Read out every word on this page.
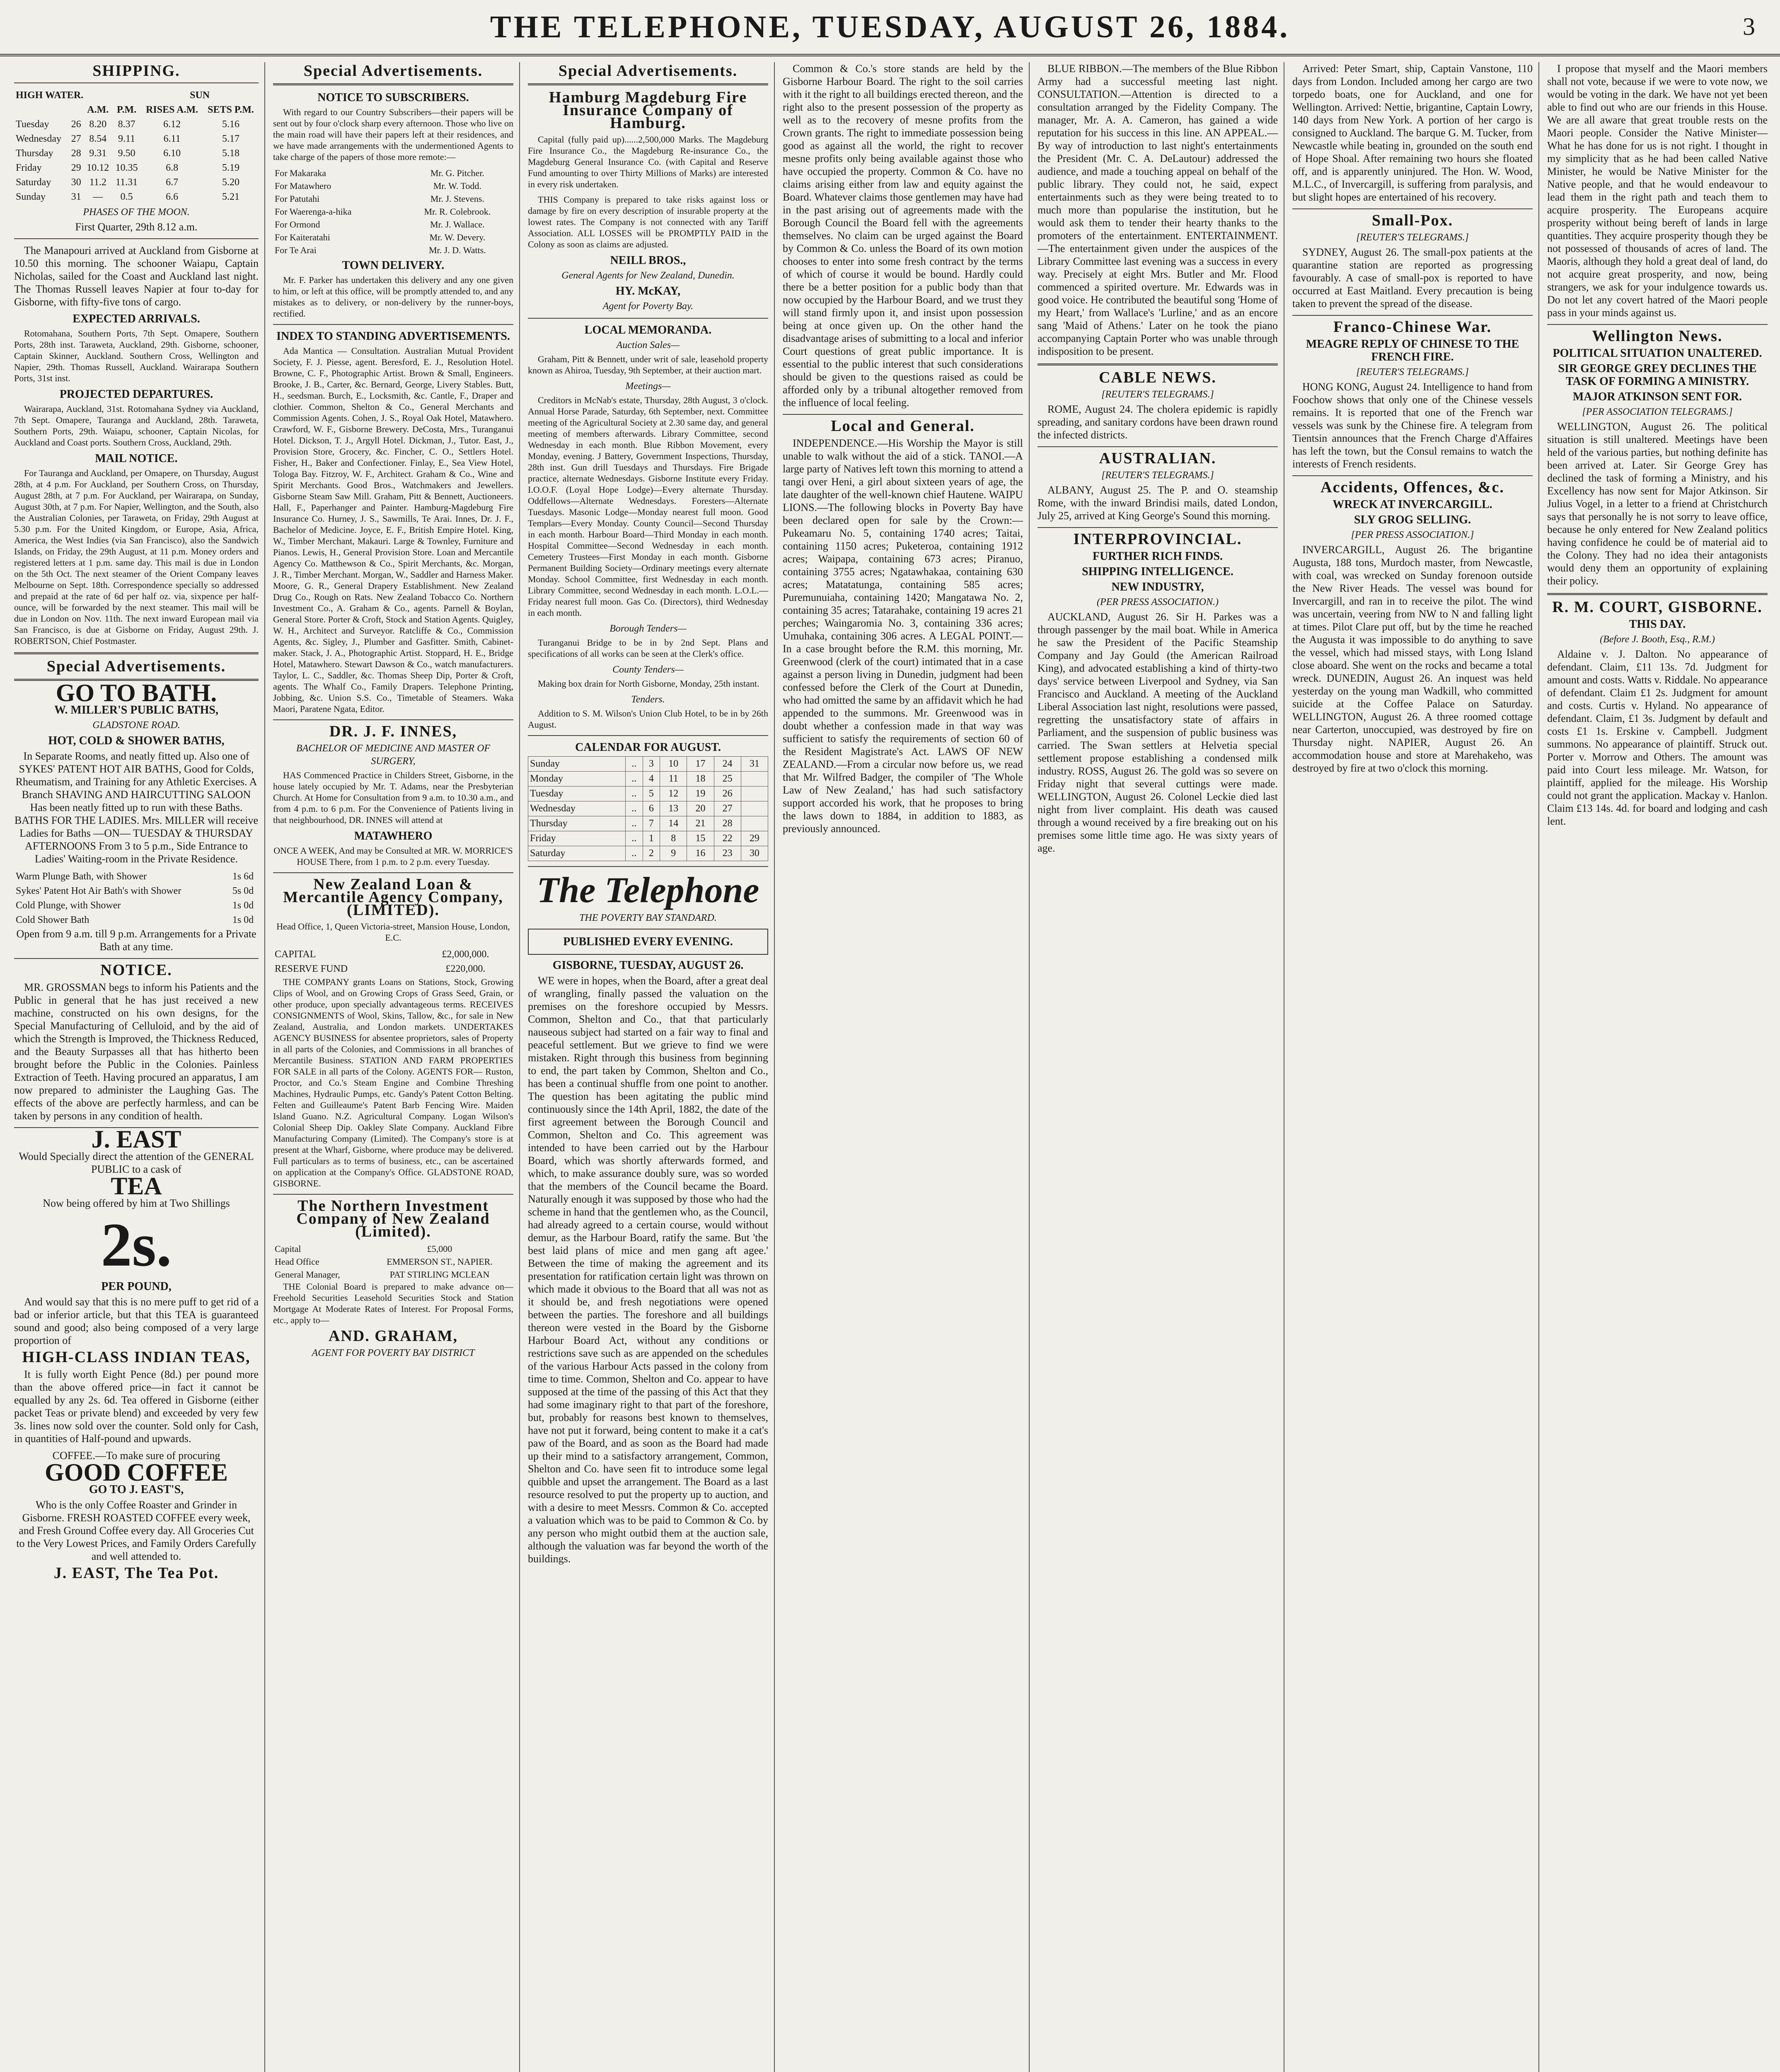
THE TELEPHONE, TUESDAY, AUGUST 26, 1884.	3
SHIPPING.
HIGH WATER.				SUN	
		A.M.	P.M.	RISES A.M.	SETS P.M.
Tuesday	26	8.20	8.37	6.12	5.16
Wednesday	27	8.54	9.11	6.11	5.17
Thursday	28	9.31	9.50	6.10	5.18
Friday	29	10.12	10.35	6.8	5.19
Saturday	30	11.2	11.31	6.7	5.20
Sunday	31	—	0.5	6.6	5.21
PHASES OF THE MOON.

First Quarter, 29th 8.12 a.m.

The Manapouri arrived at Auckland from Gisborne at 10.50 this morning. The schooner Waiapu, Captain Nicholas, sailed for the Coast and Auckland last night. The Thomas Russell leaves Napier at four to-day for Gisborne, with fifty-five tons of cargo.

EXPECTED ARRIVALS.

Rotomahana, Southern Ports, 7th Sept. Omapere, Southern Ports, 28th inst. Taraweta, Auckland, 29th. Gisborne, schooner, Captain Skinner, Auckland. Southern Cross, Wellington and Napier, 29th. Thomas Russell, Auckland. Wairarapa Southern Ports, 31st inst.

PROJECTED DEPARTURES.

Wairarapa, Auckland, 31st. Rotomahana Sydney via Auckland, 7th Sept. Omapere, Tauranga and Auckland, 28th. Taraweta, Southern Ports, 29th. Waiapu, schooner, Captain Nicolas, for Auckland and Coast ports. Southern Cross, Auckland, 29th.

MAIL NOTICE.

For Tauranga and Auckland, per Omapere, on Thursday, August 28th, at 4 p.m. For Auckland, per Southern Cross, on Thursday, August 28th, at 7 p.m. For Auckland, per Wairarapa, on Sunday, August 30th, at 7 p.m. For Napier, Wellington, and the South, also the Australian Colonies, per Taraweta, on Friday, 29th August at 5.30 p.m. For the United Kingdom, or Europe, Asia, Africa, America, the West Indies (via San Francisco), also the Sandwich Islands, on Friday, the 29th August, at 11 p.m. Money orders and registered letters at 1 p.m. same day. This mail is due in London on the 5th Oct. The next steamer of the Orient Company leaves Melbourne on Sept. 18th. Correspondence specially so addressed and prepaid at the rate of 6d per half oz. via, sixpence per half-ounce, will be forwarded by the next steamer. This mail will be due in London on Nov. 11th. The next inward European mail via San Francisco, is due at Gisborne on Friday, August 29th. J. ROBERTSON, Chief Postmaster.

Special Advertisements.
GO TO BATH.
W. MILLER'S PUBLIC BATHS,
GLADSTONE ROAD.
HOT, COLD & SHOWER BATHS,

In Separate Rooms, and neatly fitted up. Also one of SYKES' PATENT HOT AIR BATHS, Good for Colds, Rheumatism, and Training for any Athletic Exercises. A Branch SHAVING AND HAIRCUTTING SALOON Has been neatly fitted up to run with these Baths. BATHS FOR THE LADIES. Mrs. MILLER will receive Ladies for Baths —ON— TUESDAY & THURSDAY AFTERNOONS From 3 to 5 p.m., Side Entrance to Ladies' Waiting-room in the Private Residence.

Warm Plunge Bath, with Shower	1s 6d
Sykes' Patent Hot Air Bath's with Shower	5s 0d
Cold Plunge, with Shower	1s 0d
Cold Shower Bath	1s 0d

Open from 9 a.m. till 9 p.m. Arrangements for a Private Bath at any time.

NOTICE.

MR. GROSSMAN begs to inform his Patients and the Public in general that he has just received a new machine, constructed on his own designs, for the Special Manufacturing of Celluloid, and by the aid of which the Strength is Improved, the Thickness Reduced, and the Beauty Surpasses all that has hitherto been brought before the Public in the Colonies. Painless Extraction of Teeth. Having procured an apparatus, I am now prepared to administer the Laughing Gas. The effects of the above are perfectly harmless, and can be taken by persons in any condition of health.

J. EAST

Would Specially direct the attention of the GENERAL PUBLIC to a cask of

TEA

Now being offered by him at Two Shillings

2s.
PER POUND,

And would say that this is no mere puff to get rid of a bad or inferior article, but that this TEA is guaranteed sound and good; also being composed of a very large proportion of

HIGH-CLASS INDIAN TEAS,

It is fully worth Eight Pence (8d.) per pound more than the above offered price—in fact it cannot be equalled by any 2s. 6d. Tea offered in Gisborne (either packet Teas or private blend) and exceeded by very few 3s. lines now sold over the counter. Sold only for Cash, in quantities of Half-pound and upwards.

COFFEE.—To make sure of procuring

GOOD COFFEE
GO TO J. EAST'S,

Who is the only Coffee Roaster and Grinder in Gisborne. FRESH ROASTED COFFEE every week, and Fresh Ground Coffee every day. All Groceries Cut to the Very Lowest Prices, and Family Orders Carefully and well attended to.

J. EAST, The Tea Pot.
Special Advertisements.
NOTICE TO SUBSCRIBERS.

With regard to our Country Subscribers—their papers will be sent out by four o'clock sharp every afternoon. Those who live on the main road will have their papers left at their residences, and we have made arrangements with the undermentioned Agents to take charge of the papers of those more remote:—

For Makaraka	Mr. G. Pitcher.
For Matawhero	Mr. W. Todd.
For Patutahi	Mr. J. Stevens.
For Waerenga-a-hika	Mr. R. Colebrook.
For Ormond	Mr. J. Wallace.
For Kaiteratahi	Mr. W. Devery.
For Te Arai	Mr. J. D. Watts.
TOWN DELIVERY.

Mr. F. Parker has undertaken this delivery and any one given to him, or left at this office, will be promptly attended to, and any mistakes as to delivery, or non-delivery by the runner-boys, rectified.

INDEX TO STANDING ADVERTISEMENTS.

Ada Mantica — Consultation. Australian Mutual Provident Society, F. J. Piesse, agent. Beresford, E. J., Resolution Hotel. Browne, C. F., Photographic Artist. Brown & Small, Engineers. Brooke, J. B., Carter, &c. Bernard, George, Livery Stables. Butt, H., seedsman. Burch, E., Locksmith, &c. Cantle, F., Draper and clothier. Common, Shelton & Co., General Merchants and Commission Agents. Cohen, J. S., Royal Oak Hotel, Matawhero. Crawford, W. F., Gisborne Brewery. DeCosta, Mrs., Turanganui Hotel. Dickson, T. J., Argyll Hotel. Dickman, J., Tutor. East, J., Provision Store, Grocery, &c. Fincher, C. O., Settlers Hotel. Fisher, H., Baker and Confectioner. Finlay, E., Sea View Hotel, Tologa Bay. Fitzroy, W. F., Architect. Graham & Co., Wine and Spirit Merchants. Good Bros., Watchmakers and Jewellers. Gisborne Steam Saw Mill. Graham, Pitt & Bennett, Auctioneers. Hall, F., Paperhanger and Painter. Hamburg-Magdeburg Fire Insurance Co. Hurney, J. S., Sawmills, Te Arai. Innes, Dr. J. F., Bachelor of Medicine. Joyce, E. F., British Empire Hotel. King, W., Timber Merchant, Makauri. Large & Townley, Furniture and Pianos. Lewis, H., General Provision Store. Loan and Mercantile Agency Co. Matthewson & Co., Spirit Merchants, &c. Morgan, J. R., Timber Merchant. Morgan, W., Saddler and Harness Maker. Moore, G. R., General Drapery Establishment. New Zealand Drug Co., Rough on Rats. New Zealand Tobacco Co. Northern Investment Co., A. Graham & Co., agents. Parnell & Boylan, General Store. Porter & Croft, Stock and Station Agents. Quigley, W. H., Architect and Surveyor. Ratcliffe & Co., Commission Agents, &c. Sigley, J., Plumber and Gasfitter. Smith, Cabinet-maker. Stack, J. A., Photographic Artist. Stoppard, H. E., Bridge Hotel, Matawhero. Stewart Dawson & Co., watch manufacturers. Taylor, L. C., Saddler, &c. Thomas Sheep Dip, Porter & Croft, agents. The Whalf Co., Family Drapers. Telephone Printing, Jobbing, &c. Union S.S. Co., Timetable of Steamers. Waka Maori, Paratene Ngata, Editor.

DR. J. F. INNES,
BACHELOR OF MEDICINE AND MASTER OF SURGERY,

HAS Commenced Practice in Childers Street, Gisborne, in the house lately occupied by Mr. T. Adams, near the Presbyterian Church. At Home for Consultation from 9 a.m. to 10.30 a.m., and from 4 p.m. to 6 p.m. For the Convenience of Patients living in that neighbourhood, DR. INNES will attend at

MATAWHERO

ONCE A WEEK, And may be Consulted at MR. W. MORRICE'S HOUSE There, from 1 p.m. to 2 p.m. every Tuesday.

New Zealand Loan & Mercantile Agency Company, (LIMITED).

Head Office, 1, Queen Victoria-street, Mansion House, London, E.C.

CAPITAL	£2,000,000.
RESERVE FUND	£220,000.

THE COMPANY grants Loans on Stations, Stock, Growing Clips of Wool, and on Growing Crops of Grass Seed, Grain, or other produce, upon specially advantageous terms. RECEIVES CONSIGNMENTS of Wool, Skins, Tallow, &c., for sale in New Zealand, Australia, and London markets. UNDERTAKES AGENCY BUSINESS for absentee proprietors, sales of Property in all parts of the Colonies, and Commissions in all branches of Mercantile Business. STATION AND FARM PROPERTIES FOR SALE in all parts of the Colony. AGENTS FOR— Ruston, Proctor, and Co.'s Steam Engine and Combine Threshing Machines, Hydraulic Pumps, etc. Gandy's Patent Cotton Belting. Felten and Guilleaume's Patent Barb Fencing Wire. Maiden Island Guano. N.Z. Agricultural Company. Logan Wilson's Colonial Sheep Dip. Oakley Slate Company. Auckland Fibre Manufacturing Company (Limited). The Company's store is at present at the Wharf, Gisborne, where produce may be delivered. Full particulars as to terms of business, etc., can be ascertained on application at the Company's Office. GLADSTONE ROAD, GISBORNE.

The Northern Investment Company of New Zealand (Limited).
Capital	£5,000
Head Office	EMMERSON ST., NAPIER.
General Manager,	PAT STIRLING MCLEAN

THE Colonial Board is prepared to make advance on— Freehold Securities Leasehold Securities Stock and Station Mortgage At Moderate Rates of Interest. For Proposal Forms, etc., apply to—

AND. GRAHAM,
AGENT FOR POVERTY BAY DISTRICT
Special Advertisements.
Hamburg Magdeburg Fire Insurance Company of Hamburg.

Capital (fully paid up)......2,500,000 Marks. The Magdeburg Fire Insurance Co., the Magdeburg Re-insurance Co., the Magdeburg General Insurance Co. (with Capital and Reserve Fund amounting to over Thirty Millions of Marks) are interested in every risk undertaken.

THIS Company is prepared to take risks against loss or damage by fire on every description of insurable property at the lowest rates. The Company is not connected with any Tariff Association. ALL LOSSES will be PROMPTLY PAID in the Colony as soon as claims are adjusted.

NEILL BROS.,
General Agents for New Zealand, Dunedin.
HY. McKAY,
Agent for Poverty Bay.
LOCAL MEMORANDA.
Auction Sales—

Graham, Pitt & Bennett, under writ of sale, leasehold property known as Ahiroa, Tuesday, 9th September, at their auction mart.

Meetings—

Creditors in McNab's estate, Thursday, 28th August, 3 o'clock. Annual Horse Parade, Saturday, 6th September, next. Committee meeting of the Agricultural Society at 2.30 same day, and general meeting of members afterwards. Library Committee, second Wednesday in each month. Blue Ribbon Movement, every Monday, evening. J Battery, Government Inspections, Thursday, 28th inst. Gun drill Tuesdays and Thursdays. Fire Brigade practice, alternate Wednesdays. Gisborne Institute every Friday. I.O.O.F. (Loyal Hope Lodge)—Every alternate Thursday. Oddfellows—Alternate Wednesdays. Foresters—Alternate Tuesdays. Masonic Lodge—Monday nearest full moon. Good Templars—Every Monday. County Council—Second Thursday in each month. Harbour Board—Third Monday in each month. Hospital Committee—Second Wednesday in each month. Cemetery Trustees—First Monday in each month. Gisborne Permanent Building Society—Ordinary meetings every alternate Monday. School Committee, first Wednesday in each month. Library Committee, second Wednesday in each month. L.O.L.—Friday nearest full moon. Gas Co. (Directors), third Wednesday in each month.

Borough Tenders—

Turanganui Bridge to be in by 2nd Sept. Plans and specifications of all works can be seen at the Clerk's office.

County Tenders—

Making box drain for North Gisborne, Monday, 25th instant.

Tenders.

Addition to S. M. Wilson's Union Club Hotel, to be in by 26th August.

CALENDAR FOR AUGUST.
Sunday	..	3	10	17	24	31
Monday	..	4	11	18	25	
Tuesday	..	5	12	19	26	
Wednesday	..	6	13	20	27	
Thursday	..	7	14	21	28	
Friday	..	1	8	15	22	29
Saturday	..	2	9	16	23	30
The Telephone
THE POVERTY BAY STANDARD.
PUBLISHED EVERY EVENING.
GISBORNE, TUESDAY, AUGUST 26.

WE were in hopes, when the Board, after a great deal of wrangling, finally passed the valuation on the premises on the foreshore occupied by Messrs. Common, Shelton and Co., that that particularly nauseous subject had started on a fair way to final and peaceful settlement. But we grieve to find we were mistaken. Right through this business from beginning to end, the part taken by Common, Shelton and Co., has been a continual shuffle from one point to another. The question has been agitating the public mind continuously since the 14th April, 1882, the date of the first agreement between the Borough Council and Common, Shelton and Co. This agreement was intended to have been carried out by the Harbour Board, which was shortly afterwards formed, and which, to make assurance doubly sure, was so worded that the members of the Council became the Board. Naturally enough it was supposed by those who had the scheme in hand that the gentlemen who, as the Council, had already agreed to a certain course, would without demur, as the Harbour Board, ratify the same. But 'the best laid plans of mice and men gang aft agee.' Between the time of making the agreement and its presentation for ratification certain light was thrown on which made it obvious to the Board that all was not as it should be, and fresh negotiations were opened between the parties. The foreshore and all buildings thereon were vested in the Board by the Gisborne Harbour Board Act, without any conditions or restrictions save such as are appended on the schedules of the various Harbour Acts passed in the colony from time to time. Common, Shelton and Co. appear to have supposed at the time of the passing of this Act that they had some imaginary right to that part of the foreshore, but, probably for reasons best known to themselves, have not put it forward, being content to make it a cat's paw of the Board, and as soon as the Board had made up their mind to a satisfactory arrangement, Common, Shelton and Co. have seen fit to introduce some legal quibble and upset the arrangement. The Board as a last resource resolved to put the property up to auction, and with a desire to meet Messrs. Common & Co. accepted a valuation which was to be paid to Common & Co. by any person who might outbid them at the auction sale, although the valuation was far beyond the worth of the buildings.

Common & Co.'s store stands are held by the Gisborne Harbour Board. The right to the soil carries with it the right to all buildings erected thereon, and the right also to the present possession of the property as well as to the recovery of mesne profits from the Crown grants. The right to immediate possession being good as against all the world, the right to recover mesne profits only being available against those who have occupied the property. Common & Co. have no claims arising either from law and equity against the Board. Whatever claims those gentlemen may have had in the past arising out of agreements made with the Borough Council the Board fell with the agreements themselves. No claim can be urged against the Board by Common & Co. unless the Board of its own motion chooses to enter into some fresh contract by the terms of which of course it would be bound. Hardly could there be a better position for a public body than that now occupied by the Harbour Board, and we trust they will stand firmly upon it, and insist upon possession being at once given up. On the other hand the disadvantage arises of submitting to a local and inferior Court questions of great public importance. It is essential to the public interest that such considerations should be given to the questions raised as could be afforded only by a tribunal altogether removed from the influence of local feeling.

Local and General.

INDEPENDENCE.—His Worship the Mayor is still unable to walk without the aid of a stick. TANOI.—A large party of Natives left town this morning to attend a tangi over Heni, a girl about sixteen years of age, the late daughter of the well-known chief Hautene. WAIPU LIONS.—The following blocks in Poverty Bay have been declared open for sale by the Crown:—Pukeamaru No. 5, containing 1740 acres; Taitai, containing 1150 acres; Puketeroa, containing 1912 acres; Waipapa, containing 673 acres; Piranuo, containing 3755 acres; Ngatawhakaa, containing 630 acres; Matatatunga, containing 585 acres; Puremunuiaha, containing 1420; Mangatawa No. 2, containing 35 acres; Tatarahake, containing 19 acres 21 perches; Waingaromia No. 3, containing 336 acres; Umuhaka, containing 306 acres. A LEGAL POINT.—In a case brought before the R.M. this morning, Mr. Greenwood (clerk of the court) intimated that in a case against a person living in Dunedin, judgment had been confessed before the Clerk of the Court at Dunedin, who had omitted the same by an affidavit which he had appended to the summons. Mr. Greenwood was in doubt whether a confession made in that way was sufficient to satisfy the requirements of section 60 of the Resident Magistrate's Act. LAWS OF NEW ZEALAND.—From a circular now before us, we read that Mr. Wilfred Badger, the compiler of 'The Whole Law of New Zealand,' has had such satisfactory support accorded his work, that he proposes to bring the laws down to 1884, in addition to 1883, as previously announced.

BLUE RIBBON.—The members of the Blue Ribbon Army had a successful meeting last night. CONSULTATION.—Attention is directed to a consultation arranged by the Fidelity Company. The manager, Mr. A. A. Cameron, has gained a wide reputation for his success in this line. AN APPEAL.—By way of introduction to last night's entertainments the President (Mr. C. A. DeLautour) addressed the audience, and made a touching appeal on behalf of the public library. They could not, he said, expect entertainments such as they were being treated to to much more than popularise the institution, but he would ask them to tender their hearty thanks to the promoters of the entertainment. ENTERTAINMENT.—The entertainment given under the auspices of the Library Committee last evening was a success in every way. Precisely at eight Mrs. Butler and Mr. Flood commenced a spirited overture. Mr. Edwards was in good voice. He contributed the beautiful song 'Home of my Heart,' from Wallace's 'Lurline,' and as an encore sang 'Maid of Athens.' Later on he took the piano accompanying Captain Porter who was unable through indisposition to be present.

CABLE NEWS.
[REUTER'S TELEGRAMS.]

ROME, August 24. The cholera epidemic is rapidly spreading, and sanitary cordons have been drawn round the infected districts.

AUSTRALIAN.
[REUTER'S TELEGRAMS.]

ALBANY, August 25. The P. and O. steamship Rome, with the inward Brindisi mails, dated London, July 25, arrived at King George's Sound this morning.

INTERPROVINCIAL.
FURTHER RICH FINDS.
SHIPPING INTELLIGENCE.
NEW INDUSTRY,
(PER PRESS ASSOCIATION.)

AUCKLAND, August 26. Sir H. Parkes was a through passenger by the mail boat. While in America he saw the President of the Pacific Steamship Company and Jay Gould (the American Railroad King), and advocated establishing a kind of thirty-two days' service between Liverpool and Sydney, via San Francisco and Auckland. A meeting of the Auckland Liberal Association last night, resolutions were passed, regretting the unsatisfactory state of affairs in Parliament, and the suspension of public business was carried. The Swan settlers at Helvetia special settlement propose establishing a condensed milk industry. ROSS, August 26. The gold was so severe on Friday night that several cuttings were made. WELLINGTON, August 26. Colonel Leckie died last night from liver complaint. His death was caused through a wound received by a fire breaking out on his premises some little time ago. He was sixty years of age.

Arrived: Peter Smart, ship, Captain Vanstone, 110 days from London. Included among her cargo are two torpedo boats, one for Auckland, and one for Wellington. Arrived: Nettie, brigantine, Captain Lowry, 140 days from New York. A portion of her cargo is consigned to Auckland. The barque G. M. Tucker, from Newcastle while beating in, grounded on the south end of Hope Shoal. After remaining two hours she floated off, and is apparently uninjured. The Hon. W. Wood, M.L.C., of Invercargill, is suffering from paralysis, and but slight hopes are entertained of his recovery.

Small-Pox.
[REUTER'S TELEGRAMS.]

SYDNEY, August 26. The small-pox patients at the quarantine station are reported as progressing favourably. A case of small-pox is reported to have occurred at East Maitland. Every precaution is being taken to prevent the spread of the disease.

Franco-Chinese War.
MEAGRE REPLY OF CHINESE TO THE FRENCH FIRE.
[REUTER'S TELEGRAMS.]

HONG KONG, August 24. Intelligence to hand from Foochow shows that only one of the Chinese vessels remains. It is reported that one of the French war vessels was sunk by the Chinese fire. A telegram from Tientsin announces that the French Charge d'Affaires has left the town, but the Consul remains to watch the interests of French residents.

Accidents, Offences, &c.
WRECK AT INVERCARGILL.
SLY GROG SELLING.
[PER PRESS ASSOCIATION.]

INVERCARGILL, August 26. The brigantine Augusta, 188 tons, Murdoch master, from Newcastle, with coal, was wrecked on Sunday forenoon outside the New River Heads. The vessel was bound for Invercargill, and ran in to receive the pilot. The wind was uncertain, veering from NW to N and falling light at times. Pilot Clare put off, but by the time he reached the Augusta it was impossible to do anything to save the vessel, which had missed stays, with Long Island close aboard. She went on the rocks and became a total wreck. DUNEDIN, August 26. An inquest was held yesterday on the young man Wadkill, who committed suicide at the Coffee Palace on Saturday. WELLINGTON, August 26. A three roomed cottage near Carterton, unoccupied, was destroyed by fire on Thursday night. NAPIER, August 26. An accommodation house and store at Marehakeho, was destroyed by fire at two o'clock this morning.

I propose that myself and the Maori members shall not vote, because if we were to vote now, we would be voting in the dark. We have not yet been able to find out who are our friends in this House. We are all aware that great trouble rests on the Maori people. Consider the Native Minister—What he has done for us is not right. I thought in my simplicity that as he had been called Native Minister, he would be Native Minister for the Native people, and that he would endeavour to lead them in the right path and teach them to acquire prosperity. The Europeans acquire prosperity without being bereft of lands in large quantities. They acquire prosperity though they be not possessed of thousands of acres of land. The Maoris, although they hold a great deal of land, do not acquire great prosperity, and now, being strangers, we ask for your indulgence towards us. Do not let any covert hatred of the Maori people pass in your minds against us.

Wellington News.
POLITICAL SITUATION UNALTERED.
SIR GEORGE GREY DECLINES THE TASK OF FORMING A MINISTRY.
MAJOR ATKINSON SENT FOR.
[PER ASSOCIATION TELEGRAMS.]

WELLINGTON, August 26. The political situation is still unaltered. Meetings have been held of the various parties, but nothing definite has been arrived at. Later. Sir George Grey has declined the task of forming a Ministry, and his Excellency has now sent for Major Atkinson. Sir Julius Vogel, in a letter to a friend at Christchurch says that personally he is not sorry to leave office, because he only entered for New Zealand politics having confidence he could be of material aid to the Colony. They had no idea their antagonists would deny them an opportunity of explaining their policy.

R. M. COURT, GISBORNE.
THIS DAY.
(Before J. Booth, Esq., R.M.)

Aldaine v. J. Dalton. No appearance of defendant. Claim, £11 13s. 7d. Judgment for amount and costs. Watts v. Riddale. No appearance of defendant. Claim £1 2s. Judgment for amount and costs. Curtis v. Hyland. No appearance of defendant. Claim, £1 3s. Judgment by default and costs £1 1s. Erskine v. Campbell. Judgment summons. No appearance of plaintiff. Struck out. Porter v. Morrow and Others. The amount was paid into Court less mileage. Mr. Watson, for plaintiff, applied for the mileage. His Worship could not grant the application. Mackay v. Hanlon. Claim £13 14s. 4d. for board and lodging and cash lent.
